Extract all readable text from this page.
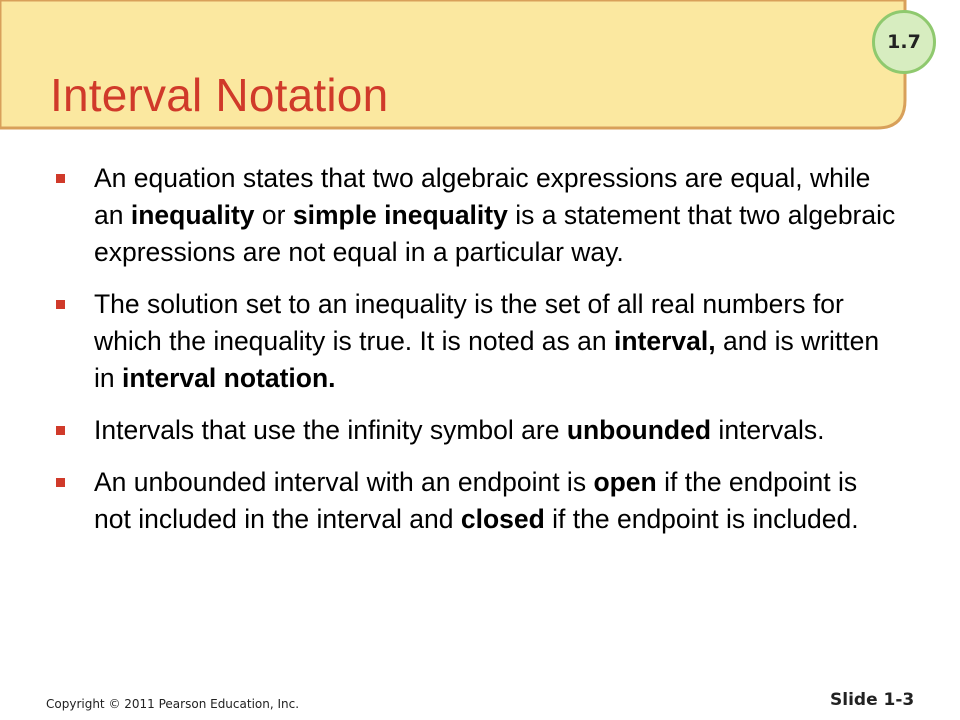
1.7
Interval Notation
An equation states that two algebraic expressions are equal, while an inequality or simple inequality is a statement that two algebraic expressions are not equal in a particular way.
The solution set to an inequality is the set of all real numbers for which the inequality is true. It is noted as an interval, and is written in interval notation.
Intervals that use the infinity symbol are unbounded intervals.
An unbounded interval with an endpoint is open if the endpoint is not included in the interval and closed if the endpoint is included.
Copyright © 2011 Pearson Education, Inc.	Slide 1-3
